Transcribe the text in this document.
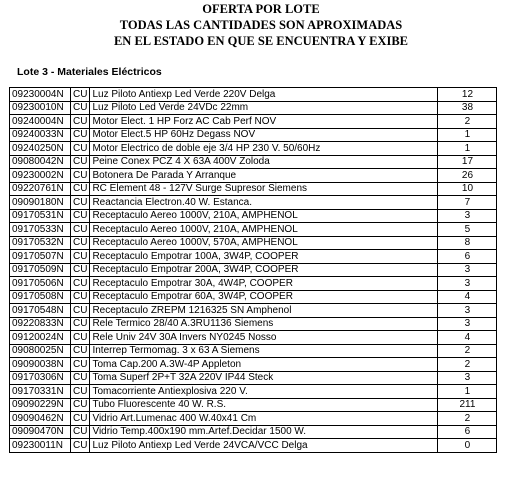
OFERTA POR LOTE
TODAS LAS CANTIDADES SON APROXIMADAS
EN EL ESTADO EN QUE SE ENCUENTRA Y EXIBE
Lote 3 - Materiales Eléctricos
09230004N	CU	Luz Piloto Antiexp Led Verde 220V Delga	12
09230010N	CU	Luz Piloto Led Verde 24VDc 22mm	38
09240004N	CU	Motor Elect. 1 HP Forz AC Cab Perf NOV	2
09240033N	CU	Motor Elect.5 HP 60Hz Degass NOV	1
09240250N	CU	Motor Electrico de doble eje 3/4 HP 230 V. 50/60Hz	1
09080042N	CU	Peine Conex PCZ 4 X 63A 400V Zoloda	17
09230002N	CU	Botonera De Parada Y Arranque	26
09220761N	CU	RC Element 48 - 127V Surge Supresor Siemens	10
09090180N	CU	Reactancia Electron.40 W. Estanca.	7
09170531N	CU	Receptaculo Aereo 1000V, 210A, AMPHENOL	3
09170533N	CU	Receptaculo Aereo 1000V, 210A, AMPHENOL	5
09170532N	CU	Receptaculo Aereo 1000V, 570A, AMPHENOL	8
09170507N	CU	Receptaculo Empotrar 100A, 3W4P, COOPER	6
09170509N	CU	Receptaculo Empotrar 200A, 3W4P, COOPER	3
09170506N	CU	Receptaculo Empotrar 30A, 4W4P, COOPER	3
09170508N	CU	Receptaculo Empotrar 60A, 3W4P, COOPER	4
09170548N	CU	Receptaculo ZREPM 1216325 SN Amphenol	3
09220833N	CU	Rele Termico 28/40 A.3RU1136 Siemens	3
09120024N	CU	Rele Univ 24V 30A Invers NY0245 Nosso	4
09080025N	CU	Interrep Termomag. 3 x 63 A Siemens	2
09090038N	CU	Toma Cap.200 A.3W-4P Appleton	2
09170306N	CU	Toma Superf 2P+T 32A 220V IP44 Steck	3
09170331N	CU	Tomacorriente Antiexplosiva 220 V.	1
09090229N	CU	Tubo Fluorescente 40 W. R.S.	211
09090462N	CU	Vidrio Art.Lumenac 400 W.40x41 Cm	2
09090470N	CU	Vidrio Temp.400x190 mm.Artef.Decidar 1500 W.	6
09230011N	CU	Luz Piloto Antiexp Led Verde 24VCA/VCC Delga	0
